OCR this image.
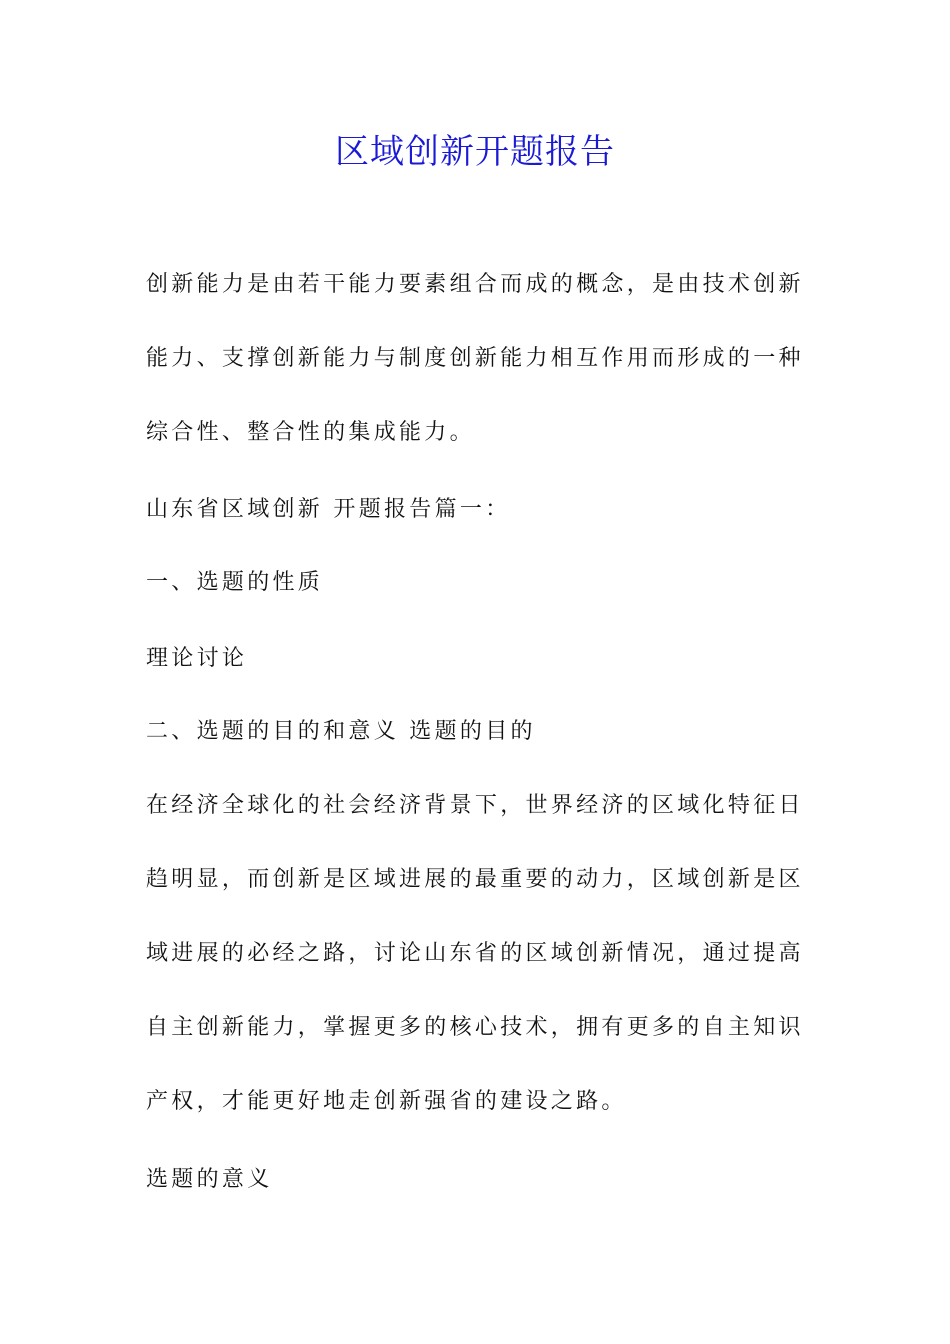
区域创新开题报告

创新能力是由若干能力要素组合而成的概念，是由技术创新能力、支撑创新能力与制度创新能力相互作用而形成的一种综合性、整合性的集成能力。

山东省区域创新 开题报告篇一：
一、选题的性质
理论讨论
二、选题的目的和意义 选题的目的

在经济全球化的社会经济背景下，世界经济的区域化特征日趋明显，而创新是区域进展的最重要的动力，区域创新是区域进展的必经之路，讨论山东省的区域创新情况，通过提高自主创新能力，掌握更多的核心技术，拥有更多的自主知识产权，才能更好地走创新强省的建设之路。

选题的意义
